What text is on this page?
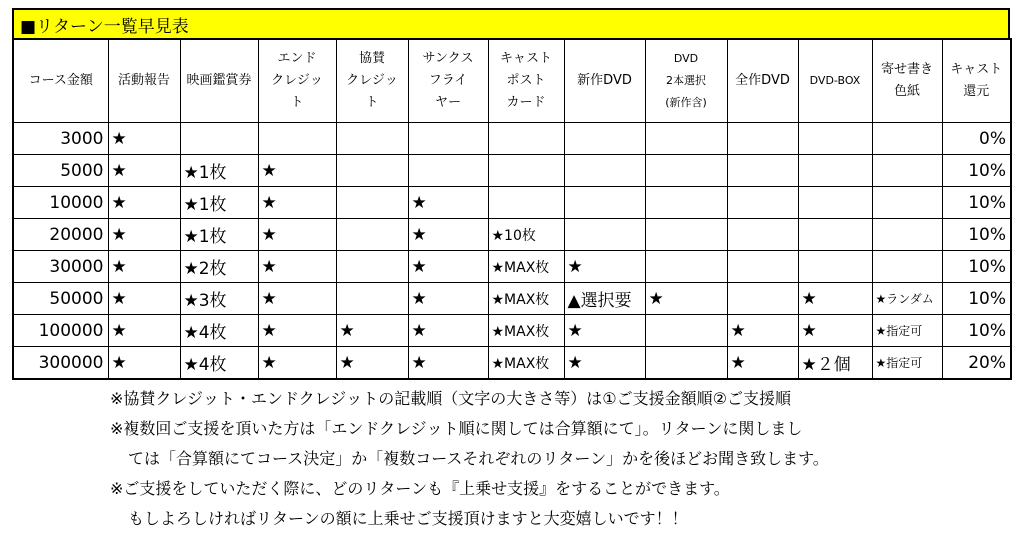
■リターン一覧早見表
コース金額	活動報告	映画鑑賞券	エンド
クレジッ
ト	協賛
クレジッ
ト	サンクス
フライ
ヤー	キャスト
ポスト
カード	新作DVD	DVD
2本選択
(新作含)	全作DVD	DVD-BOX	寄せ書き
色紙	キャスト
還元
3000	★											0%
5000	★	★1枚	★									10%
10000	★	★1枚	★		★							10%
20000	★	★1枚	★		★	★10枚						10%
30000	★	★2枚	★		★	★MAX枚	★					10%
50000	★	★3枚	★		★	★MAX枚	▲選択要	★		★	★ランダム	10%
100000	★	★4枚	★	★	★	★MAX枚	★		★	★	★指定可	10%
300000	★	★4枚	★	★	★	★MAX枚	★		★	★２個	★指定可	20%
※協賛クレジット・エンドクレジットの記載順（文字の大きさ等）は①ご支援金額順②ご支援順
※複数回ご支援を頂いた方は「エンドクレジット順に関しては合算額にて」。リターンに関しまし
ては「合算額にてコース決定」か「複数コースそれぞれのリターン」かを後ほどお聞き致します。
※ご支援をしていただく際に、どのリターンも『上乗せ支援』をすることができます。
もしよろしければリターンの額に上乗せご支援頂けますと大変嬉しいです！！
